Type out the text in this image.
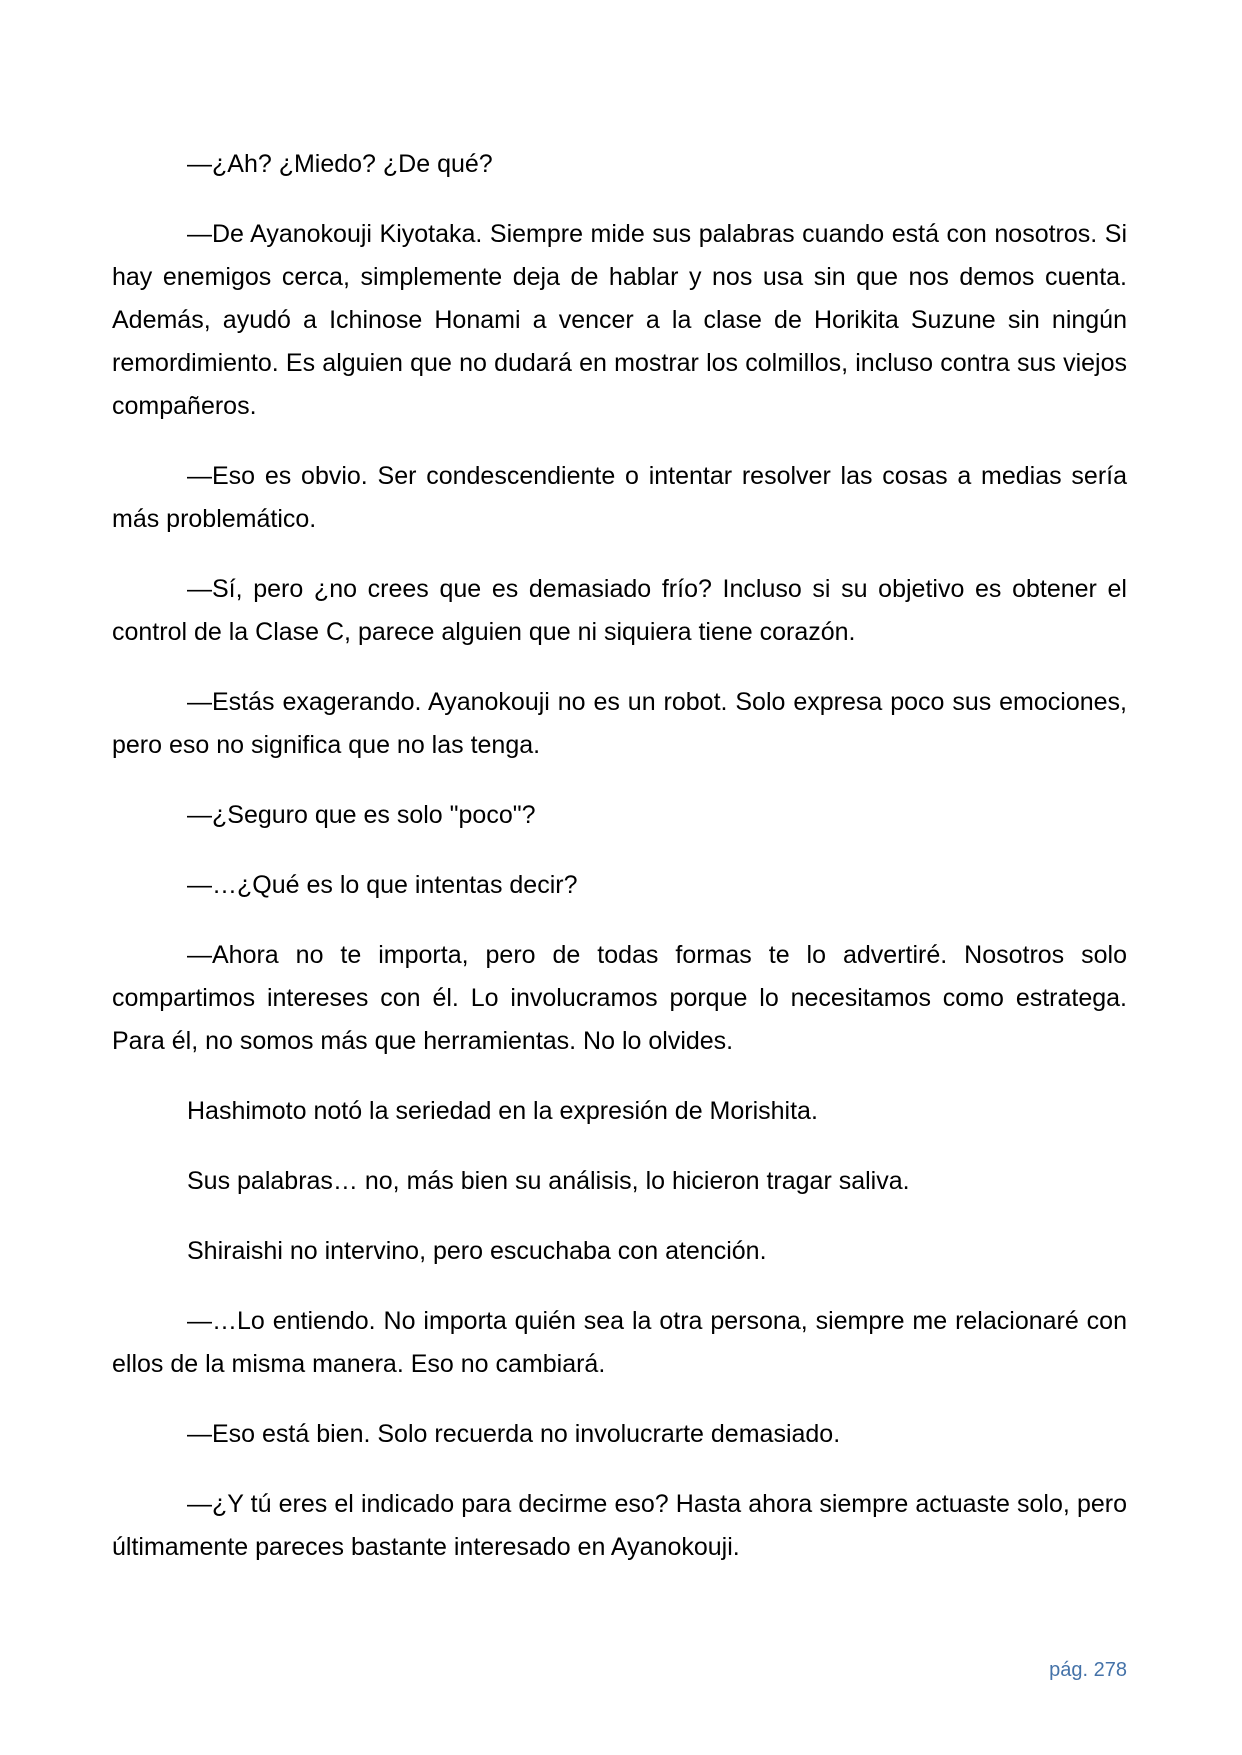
—¿Ah? ¿Miedo? ¿De qué?

—De Ayanokouji Kiyotaka. Siempre mide sus palabras cuando está con nosotros. Si hay enemigos cerca, simplemente deja de hablar y nos usa sin que nos demos cuenta. Además, ayudó a Ichinose Honami a vencer a la clase de Horikita Suzune sin ningún remordimiento. Es alguien que no dudará en mostrar los colmillos, incluso contra sus viejos compañeros.

—Eso es obvio. Ser condescendiente o intentar resolver las cosas a medias sería más problemático.

—Sí, pero ¿no crees que es demasiado frío? Incluso si su objetivo es obtener el control de la Clase C, parece alguien que ni siquiera tiene corazón.

—Estás exagerando. Ayanokouji no es un robot. Solo expresa poco sus emociones, pero eso no significa que no las tenga.

—¿Seguro que es solo "poco"?

—…¿Qué es lo que intentas decir?

—Ahora no te importa, pero de todas formas te lo advertiré. Nosotros solo compartimos intereses con él. Lo involucramos porque lo necesitamos como estratega. Para él, no somos más que herramientas. No lo olvides.

Hashimoto notó la seriedad en la expresión de Morishita.

Sus palabras… no, más bien su análisis, lo hicieron tragar saliva.

Shiraishi no intervino, pero escuchaba con atención.

—…Lo entiendo. No importa quién sea la otra persona, siempre me relacionaré con ellos de la misma manera. Eso no cambiará.

—Eso está bien. Solo recuerda no involucrarte demasiado.

—¿Y tú eres el indicado para decirme eso? Hasta ahora siempre actuaste solo, pero últimamente pareces bastante interesado en Ayanokouji.

pág. 278
